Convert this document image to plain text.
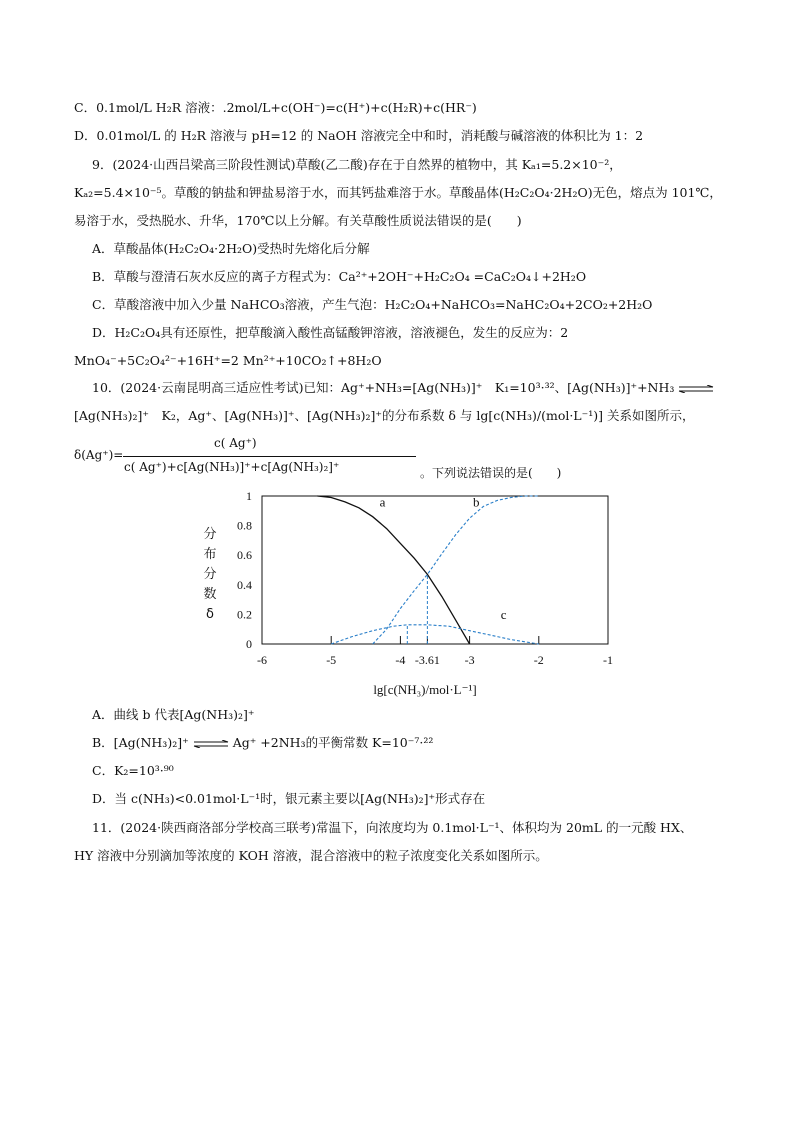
C．0.1mol/L H₂R 溶液：.2mol/L+c(OH⁻)=c(H⁺)+c(H₂R)+c(HR⁻)
D．0.01mol/L 的 H₂R 溶液与 pH=12 的 NaOH 溶液完全中和时，消耗酸与碱溶液的体积比为 1：2
9．(2024·山西吕梁高三阶段性测试)草酸(乙二酸)存在于自然界的植物中，其 Kₐ₁=5.2×10⁻²，
Kₐ₂=5.4×10⁻⁵。草酸的钠盐和钾盐易溶于水，而其钙盐难溶于水。草酸晶体(H₂C₂O₄·2H₂O)无色，熔点为 101℃，
易溶于水，受热脱水、升华，170℃以上分解。有关草酸性质说法错误的是(　　)
A．草酸晶体(H₂C₂O₄·2H₂O)受热时先熔化后分解
B．草酸与澄清石灰水反应的离子方程式为：Ca²⁺+2OH⁻+H₂C₂O₄ =CaC₂O₄↓+2H₂O
C．草酸溶液中加入少量 NaHCO₃溶液，产生气泡：H₂C₂O₄+NaHCO₃=NaHC₂O₄+2CO₂+2H₂O
D．H₂C₂O₄具有还原性，把草酸滴入酸性高锰酸钾溶液，溶液褪色，发生的反应为：2
MnO₄⁻+5C₂O₄²⁻+16H⁺=2 Mn²⁺+10CO₂↑+8H₂O
10．(2024·云南昆明高三适应性考试)已知：Ag⁺+NH₃=[Ag(NH₃)]⁺　K₁=10³·³²、[Ag(NH₃)]⁺+NH₃ ⇌
[Ag(NH₃)₂]⁺　K₂，Ag⁺、[Ag(NH₃)]⁺、[Ag(NH₃)₂]⁺的分布系数 δ 与 lg[c(NH₃)/(mol·L⁻¹)] 关系如图所示，
δ(Ag⁺)=
c( Ag⁺)
c( Ag⁺)+c[Ag(NH₃)]⁺+c[Ag(NH₃)₂]⁺	。下列说法错误的是(　　)
-6	-5	-4 -3.61 -3	-2	-1
0
0.2
0.4
0.6
0.8
1	a	b
c
分
布
分
数
δ
lg[c(NH₃)/mol·L⁻¹]
A．曲线 b 代表[Ag(NH₃)₂]⁺
B．[Ag(NH₃)₂]⁺ ⇌ Ag⁺ +2NH₃的平衡常数 K=10⁻⁷·²²
C．K₂=10³·⁹⁰
D．当 c(NH₃)<0.01mol·L⁻¹时，银元素主要以[Ag(NH₃)₂]⁺形式存在
11．(2024·陕西商洛部分学校高三联考)常温下，向浓度均为 0.1mol·L⁻¹、体积均为 20mL 的一元酸 HX、
HY 溶液中分别滴加等浓度的 KOH 溶液，混合溶液中的粒子浓度变化关系如图所示。
